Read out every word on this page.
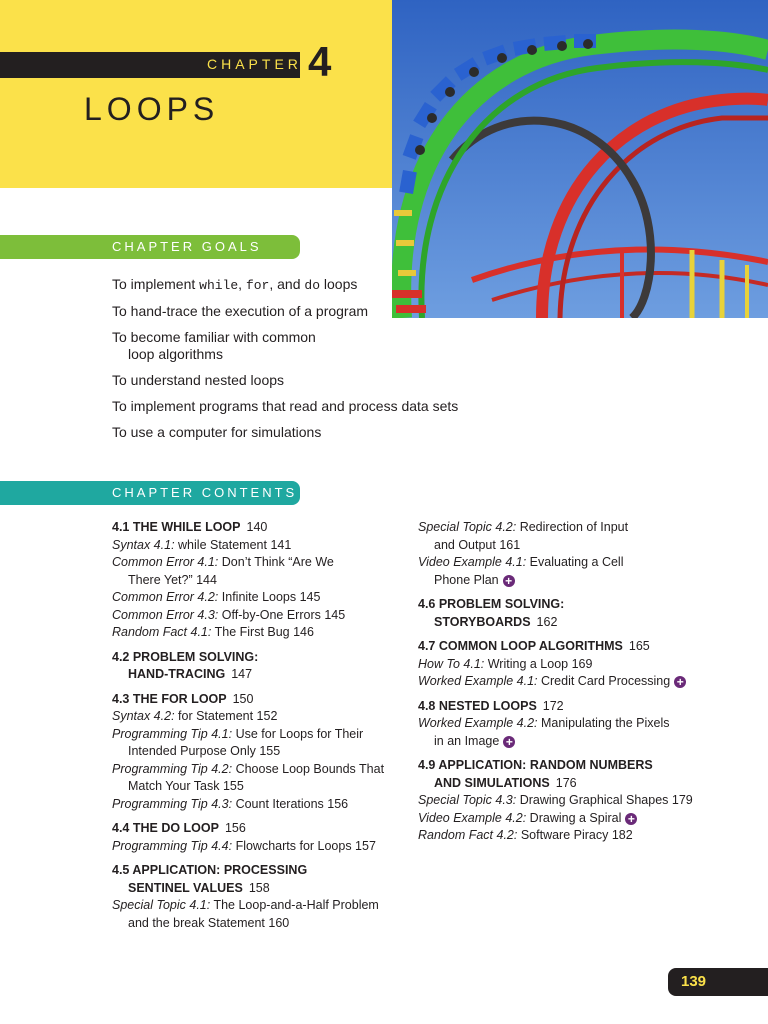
CHAPTER 4
LOOPS
CHAPTER GOALS
To implement while, for, and do loops
To hand-trace the execution of a program
To become familiar with common
loop algorithms
To understand nested loops
To implement programs that read and process data sets
To use a computer for simulations
CHAPTER CONTENTS
4.1 THE WHILE LOOP 140
Syntax 4.1: while Statement 141
Common Error 4.1: Don’t Think “Are We
There Yet?” 144
Common Error 4.2: Infinite Loops 145
Common Error 4.3: Off-by-One Errors 145
Random Fact 4.1: The First Bug 146
4.2 PROBLEM SOLVING:
HAND-TRACING 147
4.3 THE FOR LOOP 150
Syntax 4.2: for Statement 152
Programming Tip 4.1: Use for Loops for Their
Intended Purpose Only 155
Programming Tip 4.2: Choose Loop Bounds That
Match Your Task 155
Programming Tip 4.3: Count Iterations 156
4.4 THE DO LOOP 156
Programming Tip 4.4: Flowcharts for Loops 157
4.5 APPLICATION: PROCESSING
SENTINEL VALUES 158
Special Topic 4.1: The Loop-and-a-Half Problem
and the break Statement 160
Special Topic 4.2: Redirection of Input
and Output 161
Video Example 4.1: Evaluating a Cell
Phone Plan +
4.6 PROBLEM SOLVING:
STORYBOARDS 162
4.7 COMMON LOOP ALGORITHMS 165
How To 4.1: Writing a Loop 169
Worked Example 4.1: Credit Card Processing +
4.8 NESTED LOOPS 172
Worked Example 4.2: Manipulating the Pixels
in an Image +
4.9 APPLICATION: RANDOM NUMBERS
AND SIMULATIONS 176
Special Topic 4.3: Drawing Graphical Shapes 179
Video Example 4.2: Drawing a Spiral +
Random Fact 4.2: Software Piracy 182
139
